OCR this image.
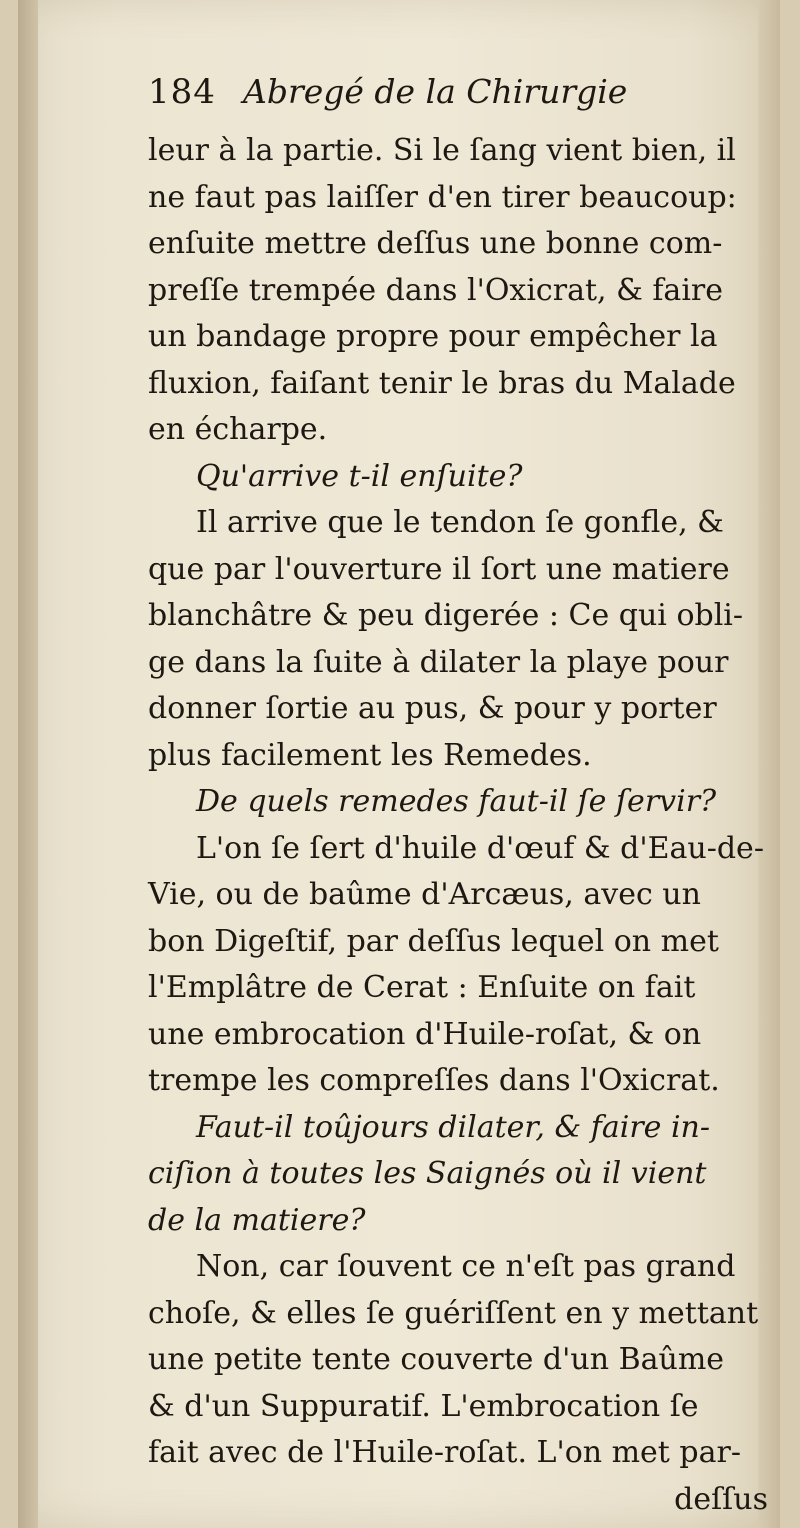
184 Abregé de la Chirurgie
leur à la partie. Si le ſang vient bien, il
ne faut pas laiſſer d'en tirer beaucoup:
enſuite mettre deſſus une bonne com-
preſſe trempée dans l'Oxicrat, & faire
un bandage propre pour empêcher la
fluxion, faiſant tenir le bras du Malade
en écharpe.
Qu'arrive t-il enſuite?
Il arrive que le tendon ſe gonfle, &
que par l'ouverture il ſort une matiere
blanchâtre & peu digerée : Ce qui obli-
ge dans la ſuite à dilater la playe pour
donner ſortie au pus, & pour y porter
plus facilement les Remedes.
De quels remedes faut-il ſe ſervir?
L'on ſe ſert d'huile d'œuf & d'Eau-de-
Vie, ou de baûme d'Arcæus, avec un
bon Digeſtif, par deſſus lequel on met
l'Emplâtre de Cerat : Enſuite on fait
une embrocation d'Huile-roſat, & on
trempe les compreſſes dans l'Oxicrat.
Faut-il toûjours dilater, & faire in-
ciſion à toutes les Saignés où il vient
de la matiere?
Non, car ſouvent ce n'eſt pas grand
choſe, & elles ſe guériſſent en y mettant
une petite tente couverte d'un Baûme
& d'un Suppuratif. L'embrocation ſe
fait avec de l'Huile-roſat. L'on met par-
deſſus
